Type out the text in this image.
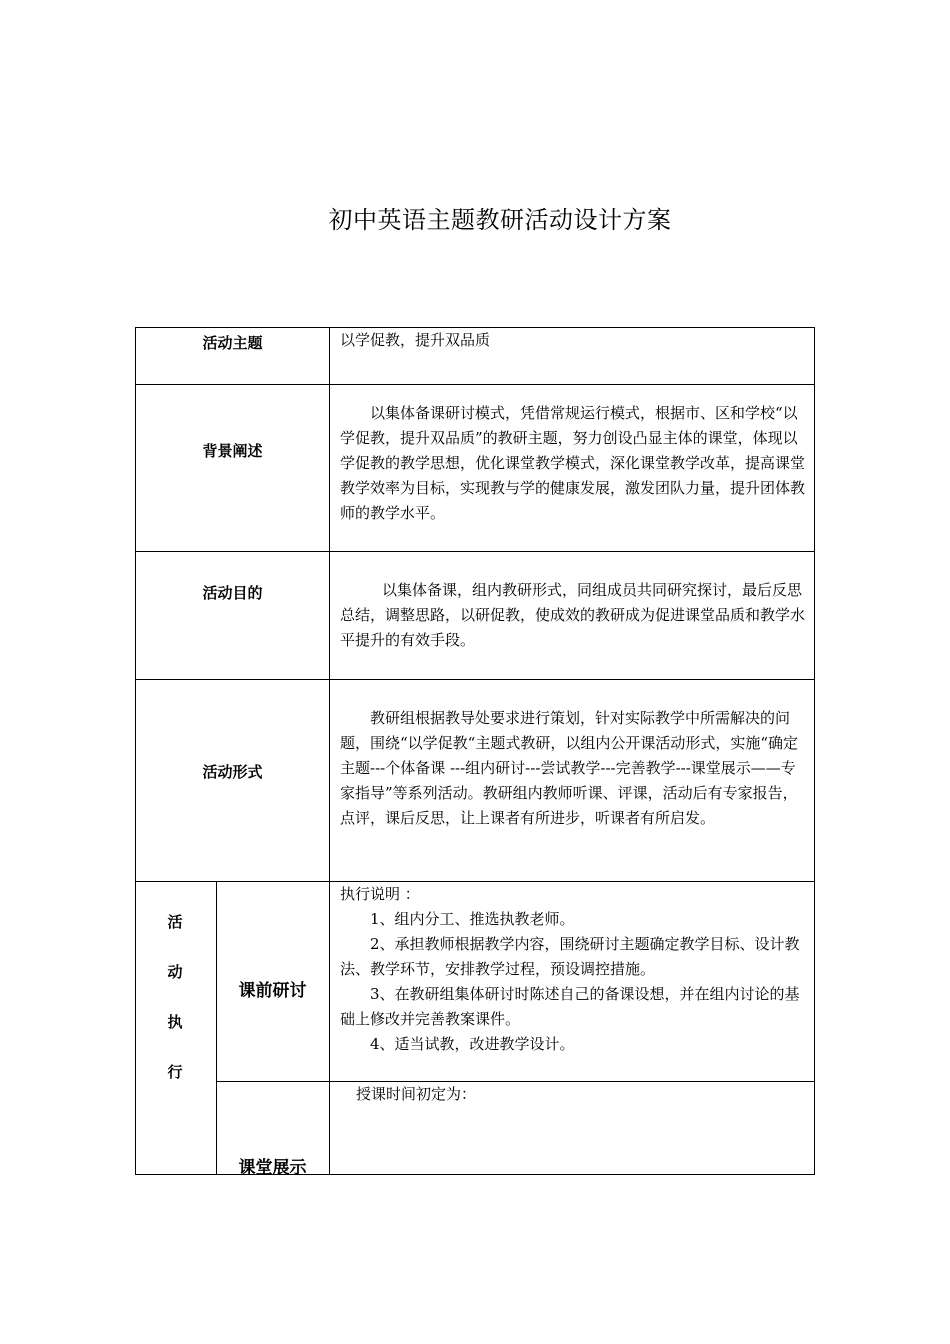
初中英语主题教研活动设计方案
活动主题	以学促教，提升双品质
背景阐述
以集体备课研讨模式，凭借常规运行模式，根据市、区和学校“以学促教，提升双品质”的教研主题，努力创设凸显主体的课堂，体现以学促教的教学思想，优化课堂教学模式，深化课堂教学改革，提高课堂教学效率为目标，实现教与学的健康发展，激发团队力量，提升团体教师的教学水平。
活动目的	以集体备课，组内教研形式，同组成员共同研究探讨，最后反思总结，调整思路，以研促教，使成效的教研成为促进课堂品质和教学水平提升的有效手段。
活动形式
教研组根据教导处要求进行策划，针对实际教学中所需解决的问题，围绕“以学促教“主题式教研，以组内公开课活动形式，实施“确定主题---个体备课 ---组内研讨---尝试教学---完善教学---课堂展示——专家指导”等系列活动。教研组内教师听课、评课，活动后有专家报告，点评，课后反思，让上课者有所进步，听课者有所启发。
课前研讨

执行说明 ：

1、组内分工、推选执教老师。

2、承担教师根据教学内容，围绕研讨主题确定教学目标、设计教法、教学环节，安排教学过程，预设调控措施。

3、在教研组集体研讨时陈述自己的备课设想，并在组内讨论的基础上修改并完善教案课件。

4、适当试教，改进教学设计。

课堂展示
授课时间初定为：
活
动
执
行
